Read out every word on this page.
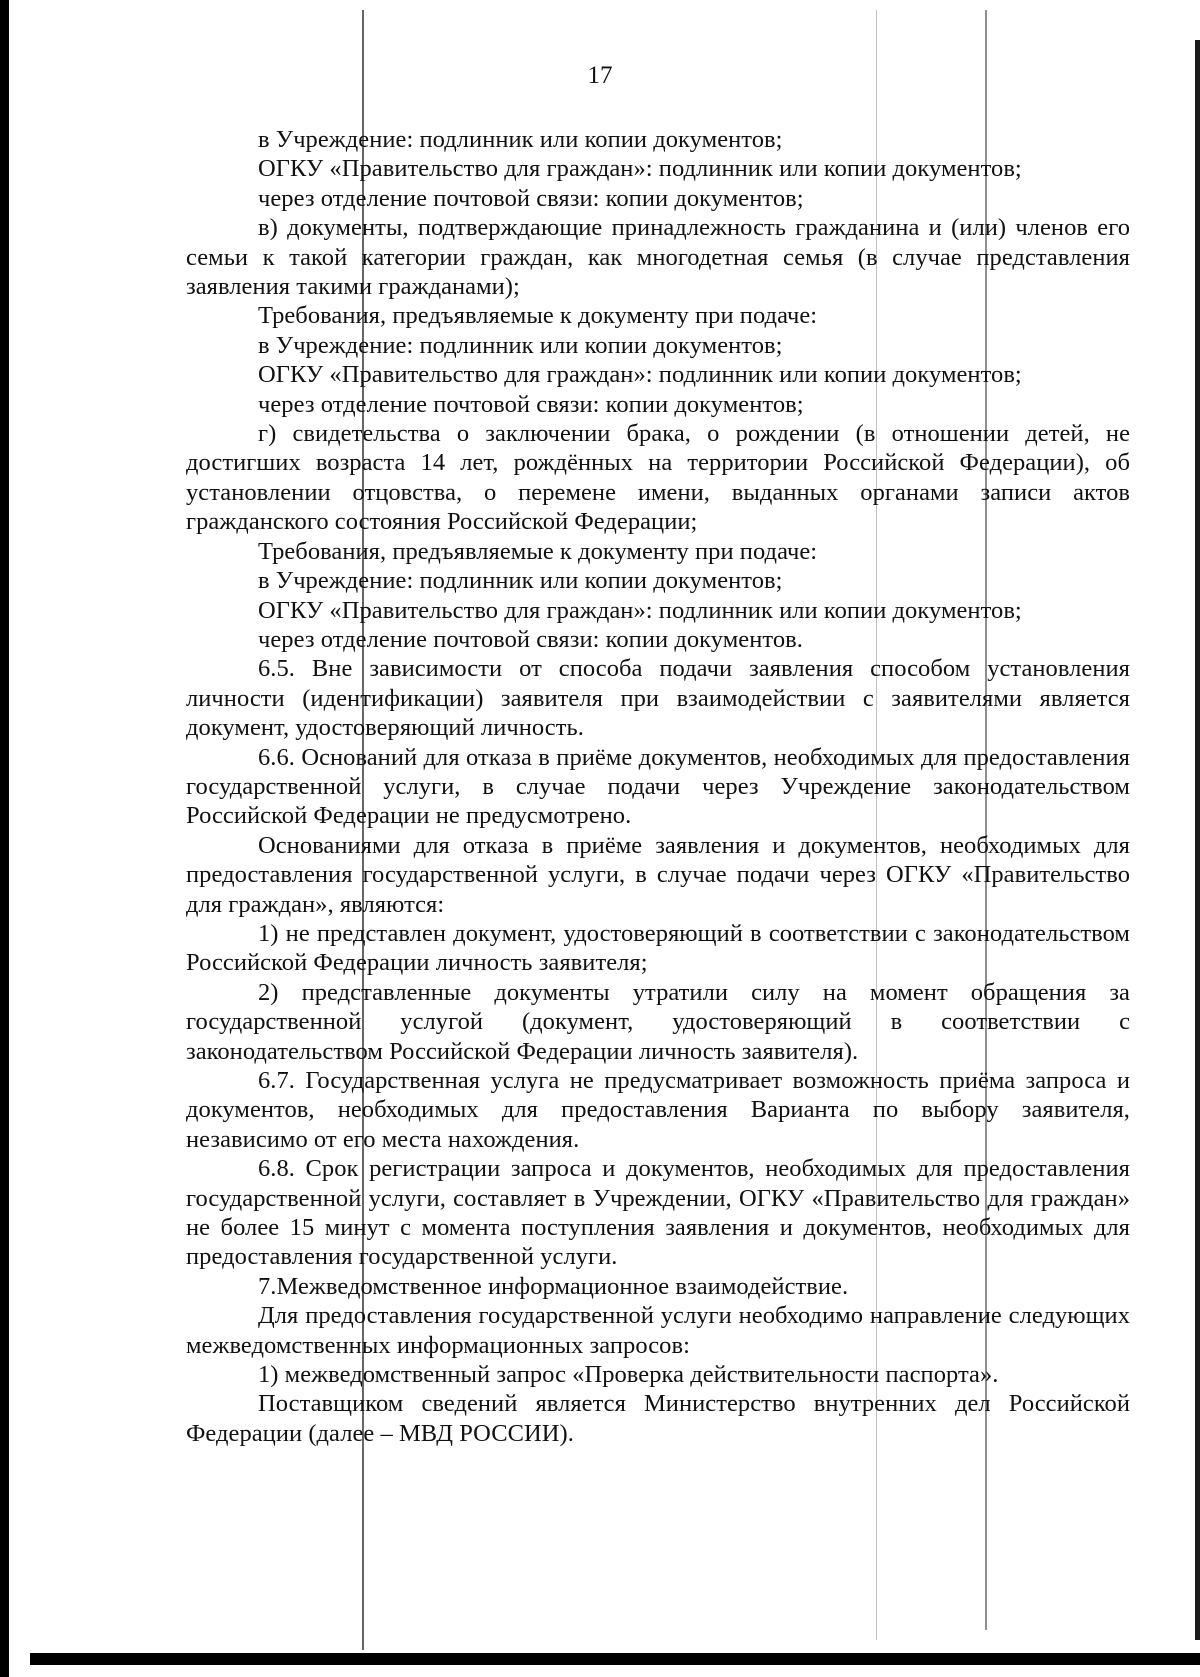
17

в Учреждение: подлинник или копии документов;

ОГКУ «Правительство для граждан»: подлинник или копии документов;

через отделение почтовой связи: копии документов;

в) документы, подтверждающие принадлежность гражданина и (или) членов его семьи к такой категории граждан, как многодетная семья (в случае представления заявления такими гражданами);

Требования, предъявляемые к документу при подаче:

в Учреждение: подлинник или копии документов;

ОГКУ «Правительство для граждан»: подлинник или копии документов;

через отделение почтовой связи: копии документов;

г) свидетельства о заключении брака, о рождении (в отношении детей, не достигших возраста 14 лет, рождённых на территории Российской Федерации), об установлении отцовства, о перемене имени, выданных органами записи актов гражданского состояния Российской Федерации;

Требования, предъявляемые к документу при подаче:

в Учреждение: подлинник или копии документов;

ОГКУ «Правительство для граждан»: подлинник или копии документов;

через отделение почтовой связи: копии документов.

6.5. Вне зависимости от способа подачи заявления способом установления личности (идентификации) заявителя при взаимодействии с заявителями является документ, удостоверяющий личность.

6.6. Оснований для отказа в приёме документов, необходимых для предоставления государственной услуги, в случае подачи через Учреждение законодательством Российской Федерации не предусмотрено.

Основаниями для отказа в приёме заявления и документов, необходимых для предоставления государственной услуги, в случае подачи через ОГКУ «Правительство для граждан», являются:

1) не представлен документ, удостоверяющий в соответствии с законодательством Российской Федерации личность заявителя;

2) представленные документы утратили силу на момент обращения за государственной услугой (документ, удостоверяющий в соответствии с законодательством Российской Федерации личность заявителя).

6.7. Государственная услуга не предусматривает возможность приёма запроса и документов, необходимых для предоставления Варианта по выбору заявителя, независимо от его места нахождения.

6.8. Срок регистрации запроса и документов, необходимых для предоставления государственной услуги, составляет в Учреждении, ОГКУ «Правительство для граждан» не более 15 минут с момента поступления заявления и документов, необходимых для предоставления государственной услуги.

7.Межведомственное информационное взаимодействие.

Для предоставления государственной услуги необходимо направление следующих межведомственных информационных запросов:

1) межведомственный запрос «Проверка действительности паспорта».

Поставщиком сведений является Министерство внутренних дел Российской Федерации (далее – МВД РОССИИ).
